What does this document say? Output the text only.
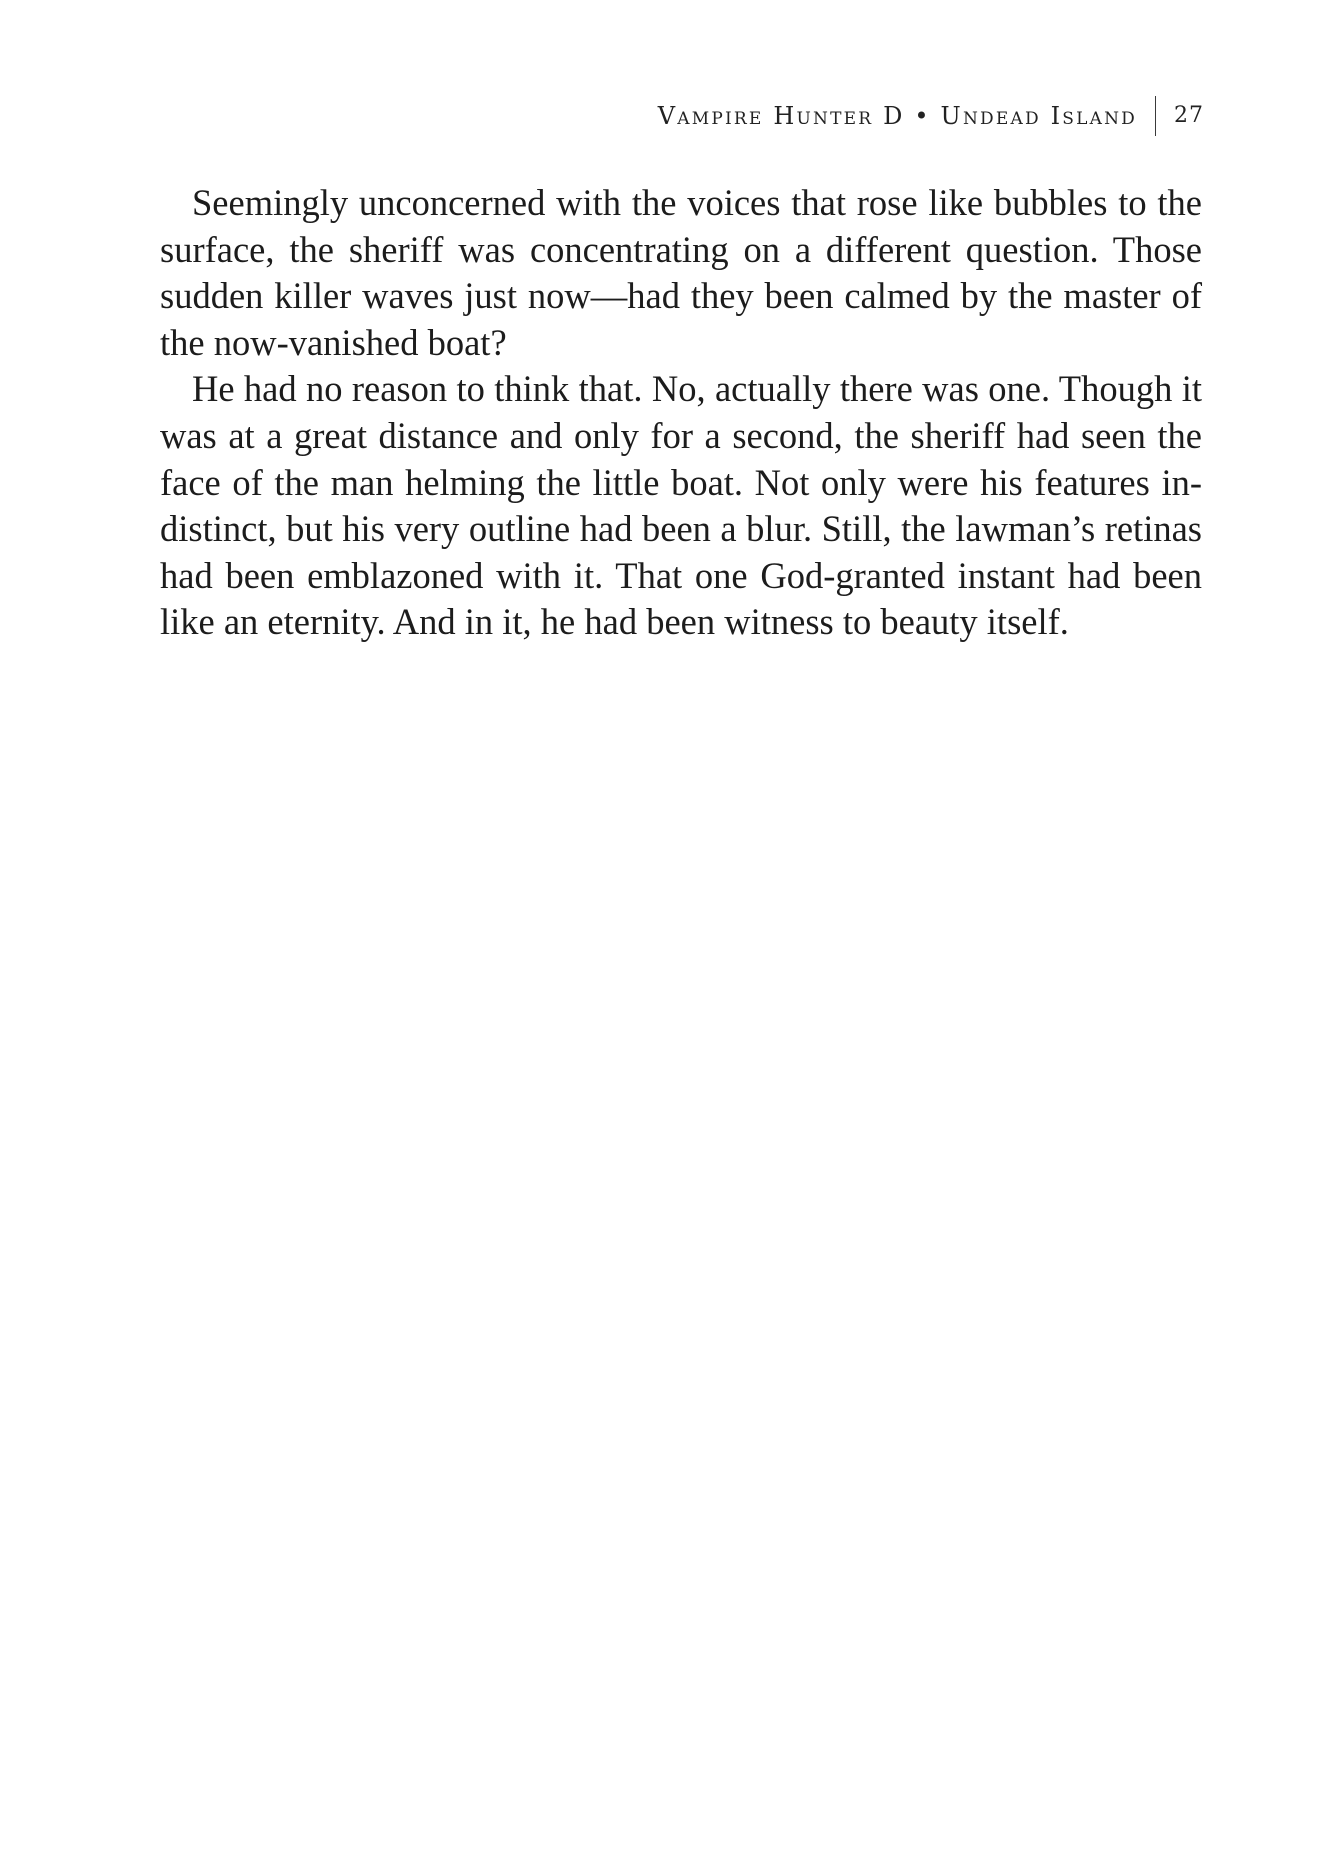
Vampire Hunter D • Undead Island 27

Seemingly unconcerned with the voices that rose like bubbles to the surface, the sheriff was concentrating on a different question. Those sudden killer waves just now—had they been calmed by the master of the now-vanished boat?

He had no reason to think that. No, actually there was one. Though it was at a great distance and only for a second, the sheriff had seen the face of the man helming the little boat. Not only were his features indistinct, but his very outline had been a blur. Still, the lawman’s retinas had been emblazoned with it. That one God-granted instant had been like an eternity. And in it, he had been witness to beauty itself.
